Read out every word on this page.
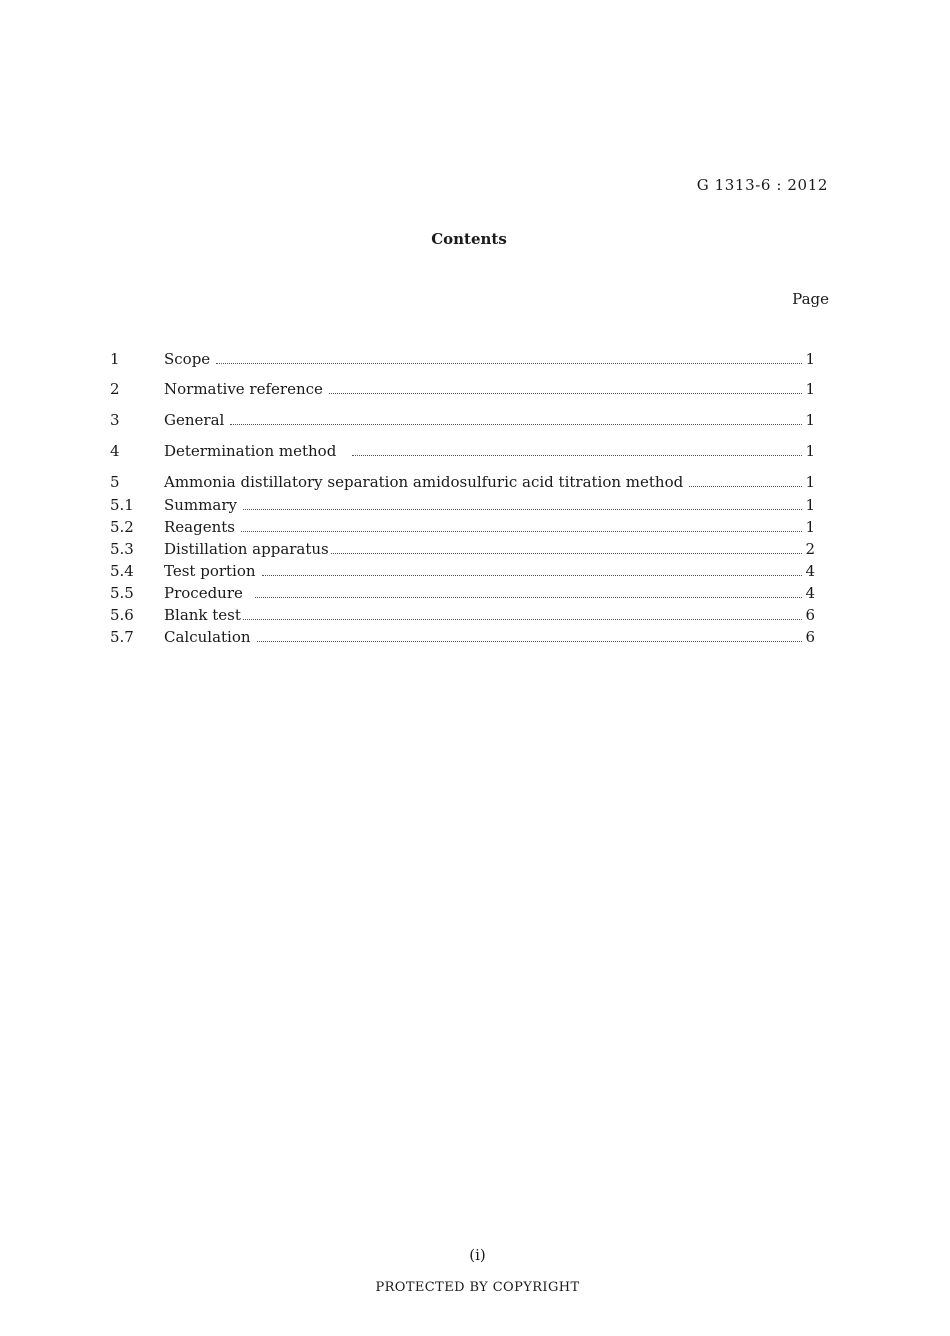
G 1313-6 : 2012
Contents
Page
1	Scope	1
2	Normative reference	1
3	General	1
4	Determination method	1
5	Ammonia distillatory separation amidosulfuric acid titration method	1
5.1	Summary	1
5.2	Reagents	1
5.3	Distillation apparatus	2
5.4	Test portion	4
5.5	Procedure	4
5.6	Blank test	6
5.7	Calculation	6
(i)
PROTECTED BY COPYRIGHT
